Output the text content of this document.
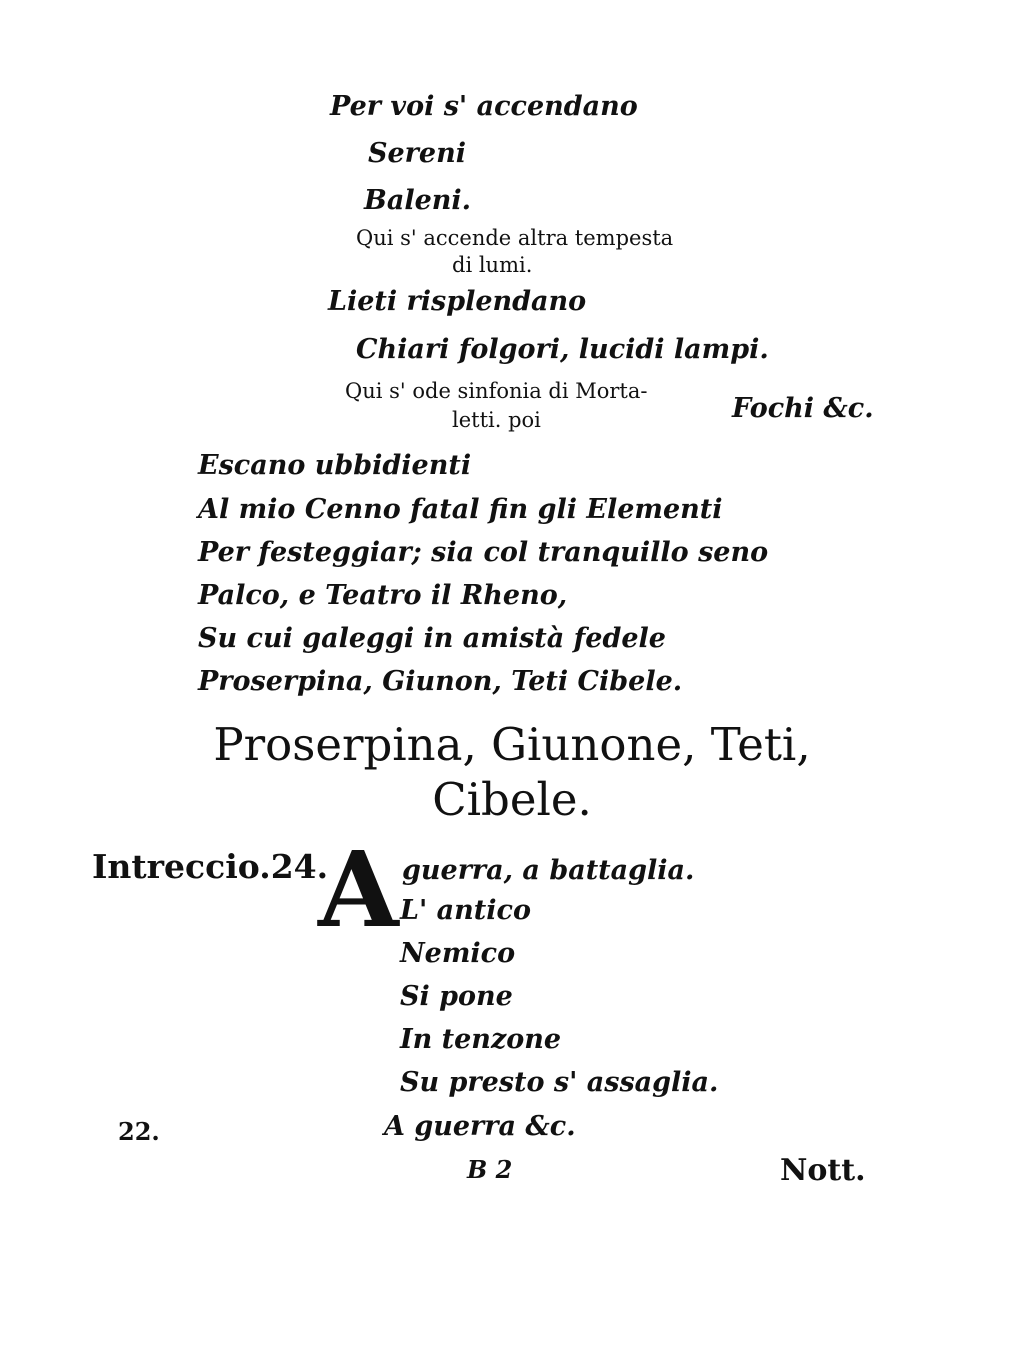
Per voi s' accendano
Sereni
Baleni.
Qui s' accende altra tempesta
di lumi.
Lieti risplendano
Chiari folgori, lucidi lampi.
Qui s' ode sinfonia di Morta-
letti. poi	Fochi &c.
Escano ubbidienti
Al mio Cenno fatal fin gli Elementi
Per festeggiar; sia col tranquillo seno
Palco, e Teatro il Rheno,
Su cui galeggi in amistà fedele
Proserpina, Giunon, Teti Cibele.
Proserpina, Giunone, Teti,
Cibele.
Intreccio.24.
A guerra, a battaglia.
L' antico
Nemico
Si pone
In tenzone
Su presto s' assaglia.
A guerra &c.
22.
B 2	Nott.
